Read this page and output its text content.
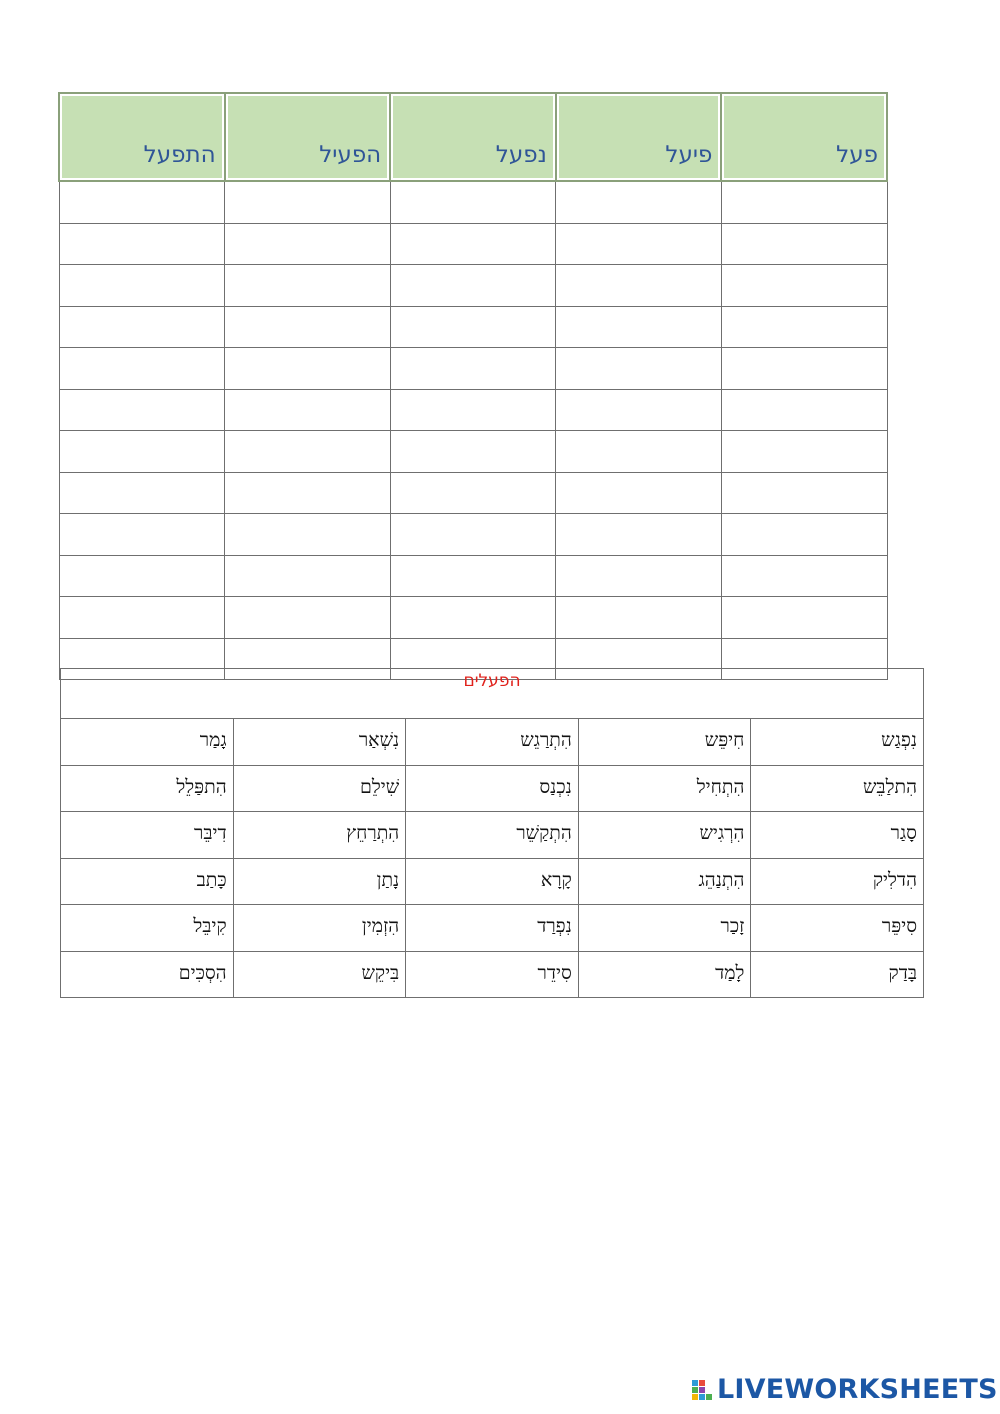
פעל	פיעל	נפעל	הפעיל	התפעל

הפעלים				
נִפְגַש	חִיפֵּש	הִתְרַגֵש	נִשְׁאַר	גָמַר
הִתלַבֵּש	הִתְחִיל	נִכְנַס	שִׁילֵם	הִתפַּלֵל
סָגַר	הִרְגִיש	הִתְקַשֵׁר	הִתְרַחֵץ	דִיבֵּר
הִדלִיק	הִתְנַהֵג	קָרָא	נָתַן	כָּתַב
סִיפֵּר	זָכַר	נִפְרַד	הִזְמִין	קִיבֵּל
בָּדַק	לָמַד	סִידֵר	בִּיקֵש	הִסְכִּים
LIVEWORKSHEETS
